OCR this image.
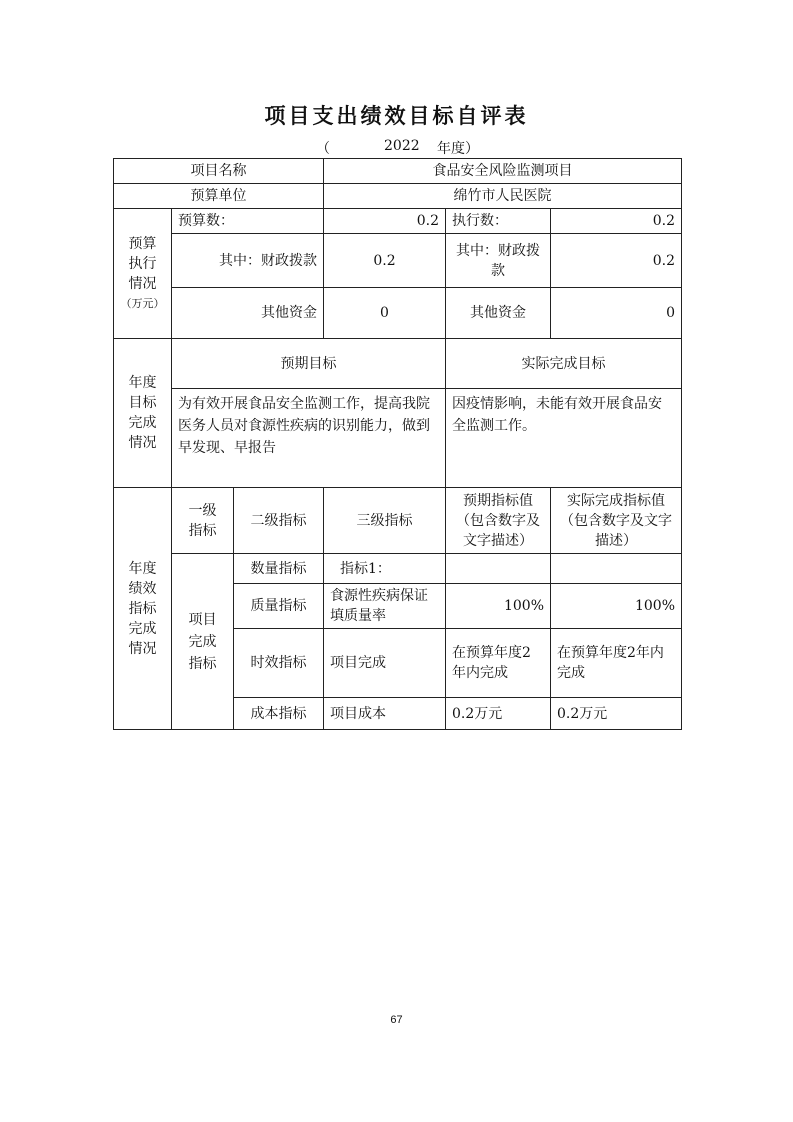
项目支出绩效目标自评表
（	2022 年度）
项目名称			食品安全风险监测项目		
预算单位			绵竹市人民医院		

预算执行情况
（万元）	预算数：		0.2	执行数：	0.2
	其中：财政拨款		0.2	其中：财政拨款	0.2
	其他资金		0	其他资金	0

年度目标完成情况	预期目标			实际完成目标	
	为有效开展食品安全监测工作，提高我院医务人员对食源性疾病的识别能力，做到早发现、早报告			因疫情影响，未能有效开展食品安全监测工作。	

年度绩效指标完成情况	一级指标	二级指标	三级指标	预期指标值（包含数字及文字描述）	实际完成指标值（包含数字及文字描述）

	项目完成指标	数量指标	指标1：		
		质量指标	食源性疾病保证填质量率	100%	100%
		时效指标	项目完成	在预算年度2年内完成	在预算年度2年内完成
		成本指标	项目成本	0.2万元	0.2万元
67
